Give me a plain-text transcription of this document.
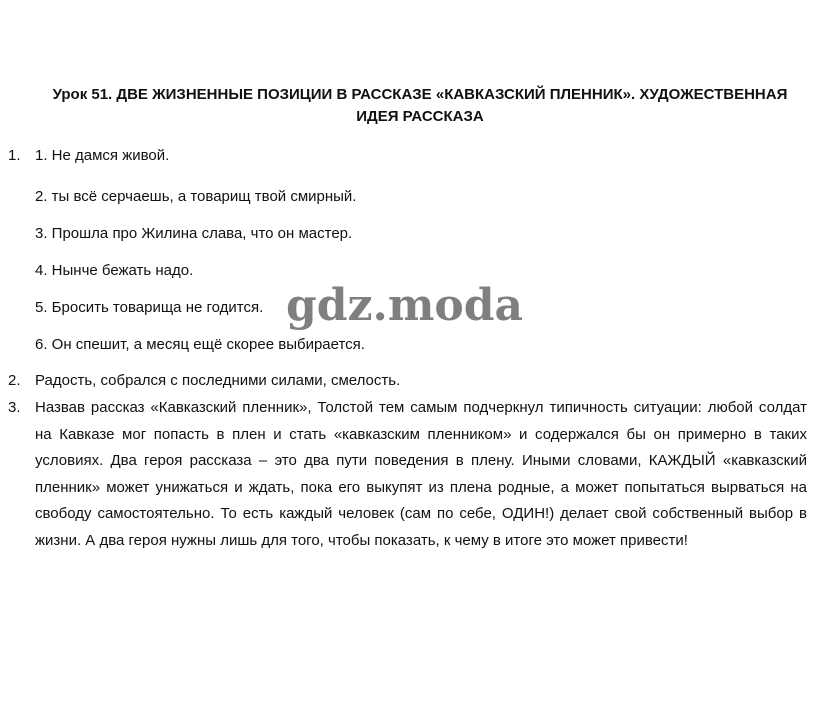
Урок 51. ДВЕ ЖИЗНЕННЫЕ ПОЗИЦИИ В РАССКАЗЕ «КАВКАЗСКИЙ ПЛЕННИК». ХУДОЖЕСТВЕННАЯ
ИДЕЯ РАССКАЗА
1. 1. Не дамся живой.
2. ты всё серчаешь, а товарищ твой смирный.
3. Прошла про Жилина слава, что он мастер.
4. Нынче бежать надо.
5. Бросить товарища не годится.
6. Он спешит, а месяц ещё скорее выбирается.
2. Радость, собрался с последними силами, смелость.
3. Назвав рассказ «Кавказский пленник», Толстой тем самым подчеркнул типичность ситуации: любой солдат на Кавказе мог попасть в плен и стать «кавказским пленником» и содержался бы он примерно в таких условиях. Два героя рассказа – это два пути поведения в плену. Иными словами, КАЖДЫЙ «кавказский пленник» может унижаться и ждать, пока его выкупят из плена родные, а может попытаться вырваться на свободу самостоятельно. То есть каждый человек (сам по себе, ОДИН!) делает свой собственный выбор в жизни. А два героя нужны лишь для того, чтобы показать, к чему в итоге это может привести!
gdz.moda
